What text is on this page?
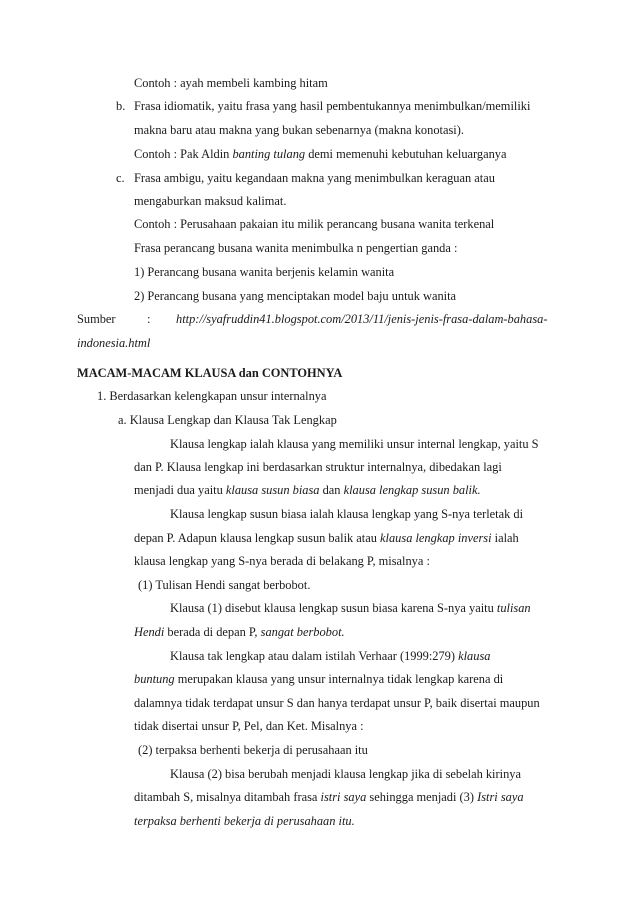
Contoh : ayah membeli kambing hitam
b. Frasa idiomatik, yaitu frasa yang hasil pembentukannya menimbulkan/memiliki
makna baru atau makna yang bukan sebenarnya (makna konotasi).
Contoh : Pak Aldin banting tulang demi memenuhi kebutuhan keluarganya
c. Frasa ambigu, yaitu kegandaan makna yang menimbulkan keraguan atau
mengaburkan maksud kalimat.
Contoh : Perusahaan pakaian itu milik perancang busana wanita terkenal
Frasa perancang busana wanita menimbulka n pengertian ganda :
1) Perancang busana wanita berjenis kelamin wanita
2) Perancang busana yang menciptakan model baju untuk wanita
Sumber	: http://syafruddin41.blogspot.com/2013/11/jenis-jenis-frasa-dalam-bahasa-
indonesia.html
MACAM-MACAM KLAUSA dan CONTOHNYA
1. Berdasarkan kelengkapan unsur internalnya
a. Klausa Lengkap dan Klausa Tak Lengkap
Klausa lengkap ialah klausa yang memiliki unsur internal lengkap, yaitu S
dan P. Klausa lengkap ini berdasarkan struktur internalnya, dibedakan lagi
menjadi dua yaitu klausa susun biasa dan klausa lengkap susun balik.
Klausa lengkap susun biasa ialah klausa lengkap yang S-nya terletak di
depan P. Adapun klausa lengkap susun balik atau klausa lengkap inversi ialah
klausa lengkap yang S-nya berada di belakang P, misalnya :
(1) Tulisan Hendi sangat berbobot.
Klausa (1) disebut klausa lengkap susun biasa karena S-nya yaitu tulisan
Hendi berada di depan P, sangat berbobot.
Klausa tak lengkap atau dalam istilah Verhaar (1999:279) klausa
buntung merupakan klausa yang unsur internalnya tidak lengkap karena di
dalamnya tidak terdapat unsur S dan hanya terdapat unsur P, baik disertai maupun
tidak disertai unsur P, Pel, dan Ket. Misalnya :
(2) terpaksa berhenti bekerja di perusahaan itu
Klausa (2) bisa berubah menjadi klausa lengkap jika di sebelah kirinya
ditambah S, misalnya ditambah frasa istri saya sehingga menjadi (3) Istri saya
terpaksa berhenti bekerja di perusahaan itu.
